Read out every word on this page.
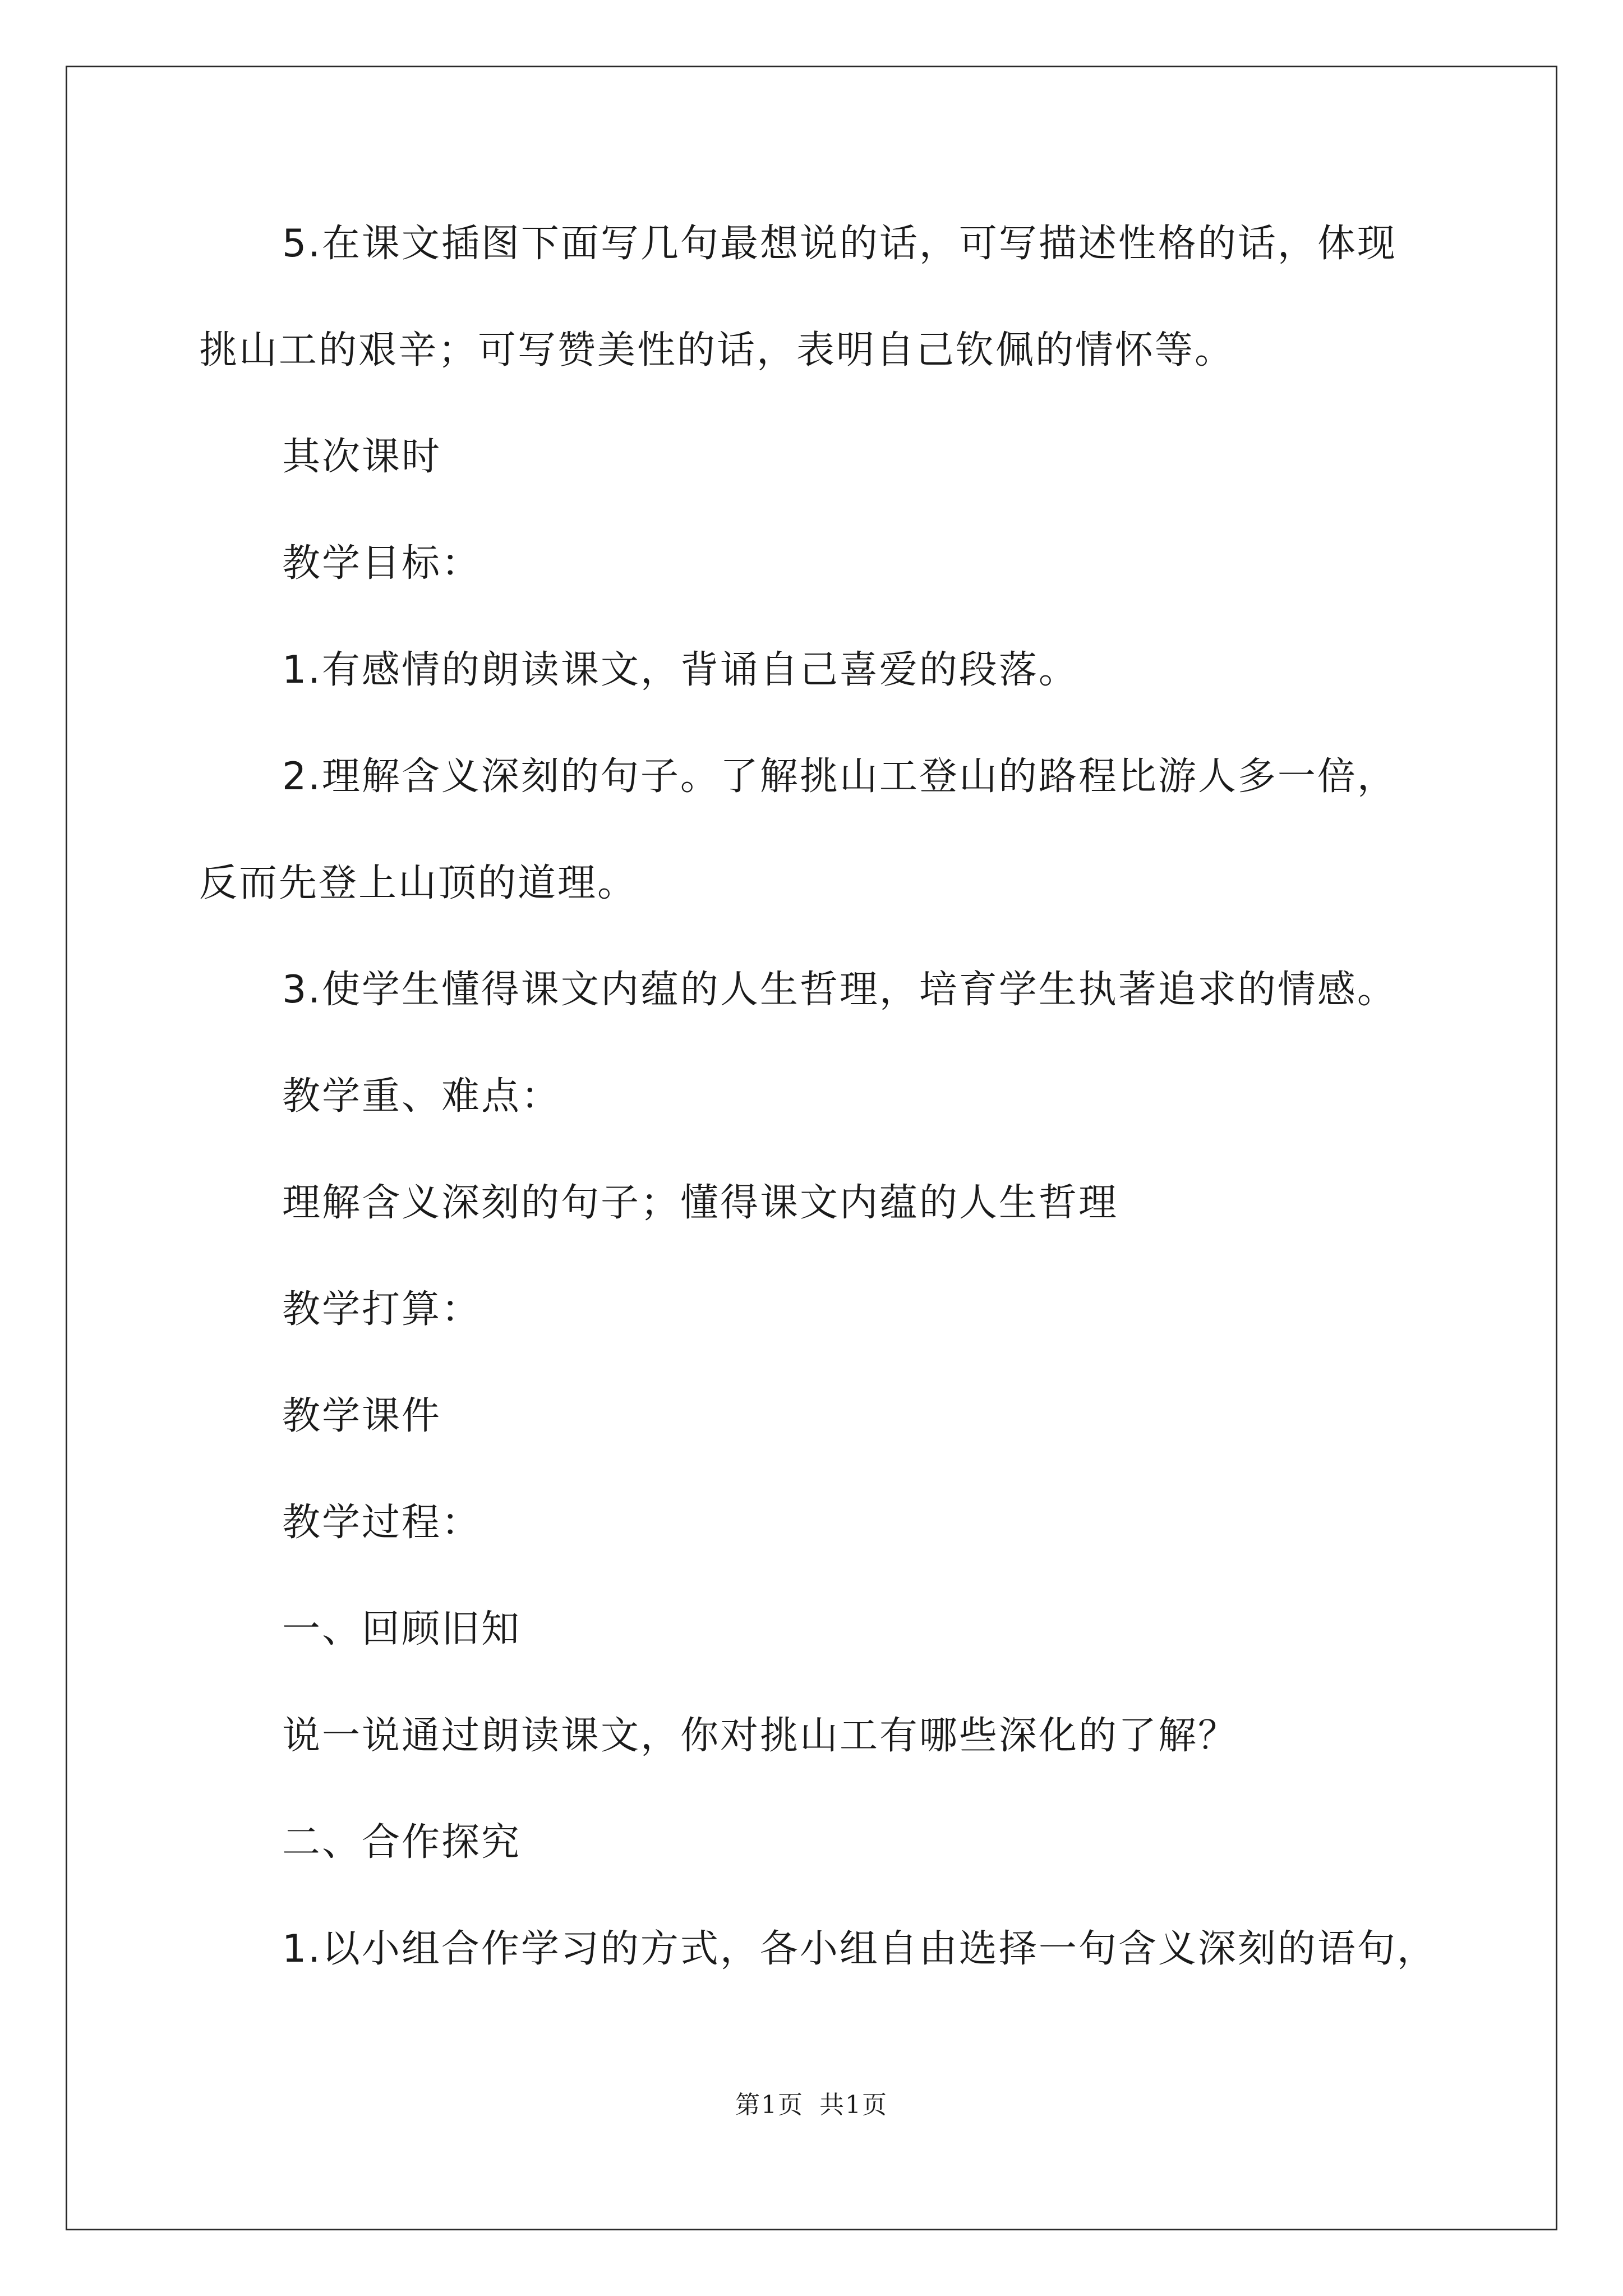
5.在课文插图下面写几句最想说的话，可写描述性格的话，体现
挑山工的艰辛；可写赞美性的话，表明自己钦佩的情怀等。
其次课时
教学目标：
1.有感情的朗读课文，背诵自己喜爱的段落。
2.理解含义深刻的句子。了解挑山工登山的路程比游人多一倍，
反而先登上山顶的道理。
3.使学生懂得课文内蕴的人生哲理，培育学生执著追求的情感。
教学重、难点：
理解含义深刻的句子；懂得课文内蕴的人生哲理
教学打算：
教学课件
教学过程：
一、回顾旧知
说一说通过朗读课文，你对挑山工有哪些深化的了解？
二、合作探究
1.以小组合作学习的方式，各小组自由选择一句含义深刻的语句，
第1页 共1页
